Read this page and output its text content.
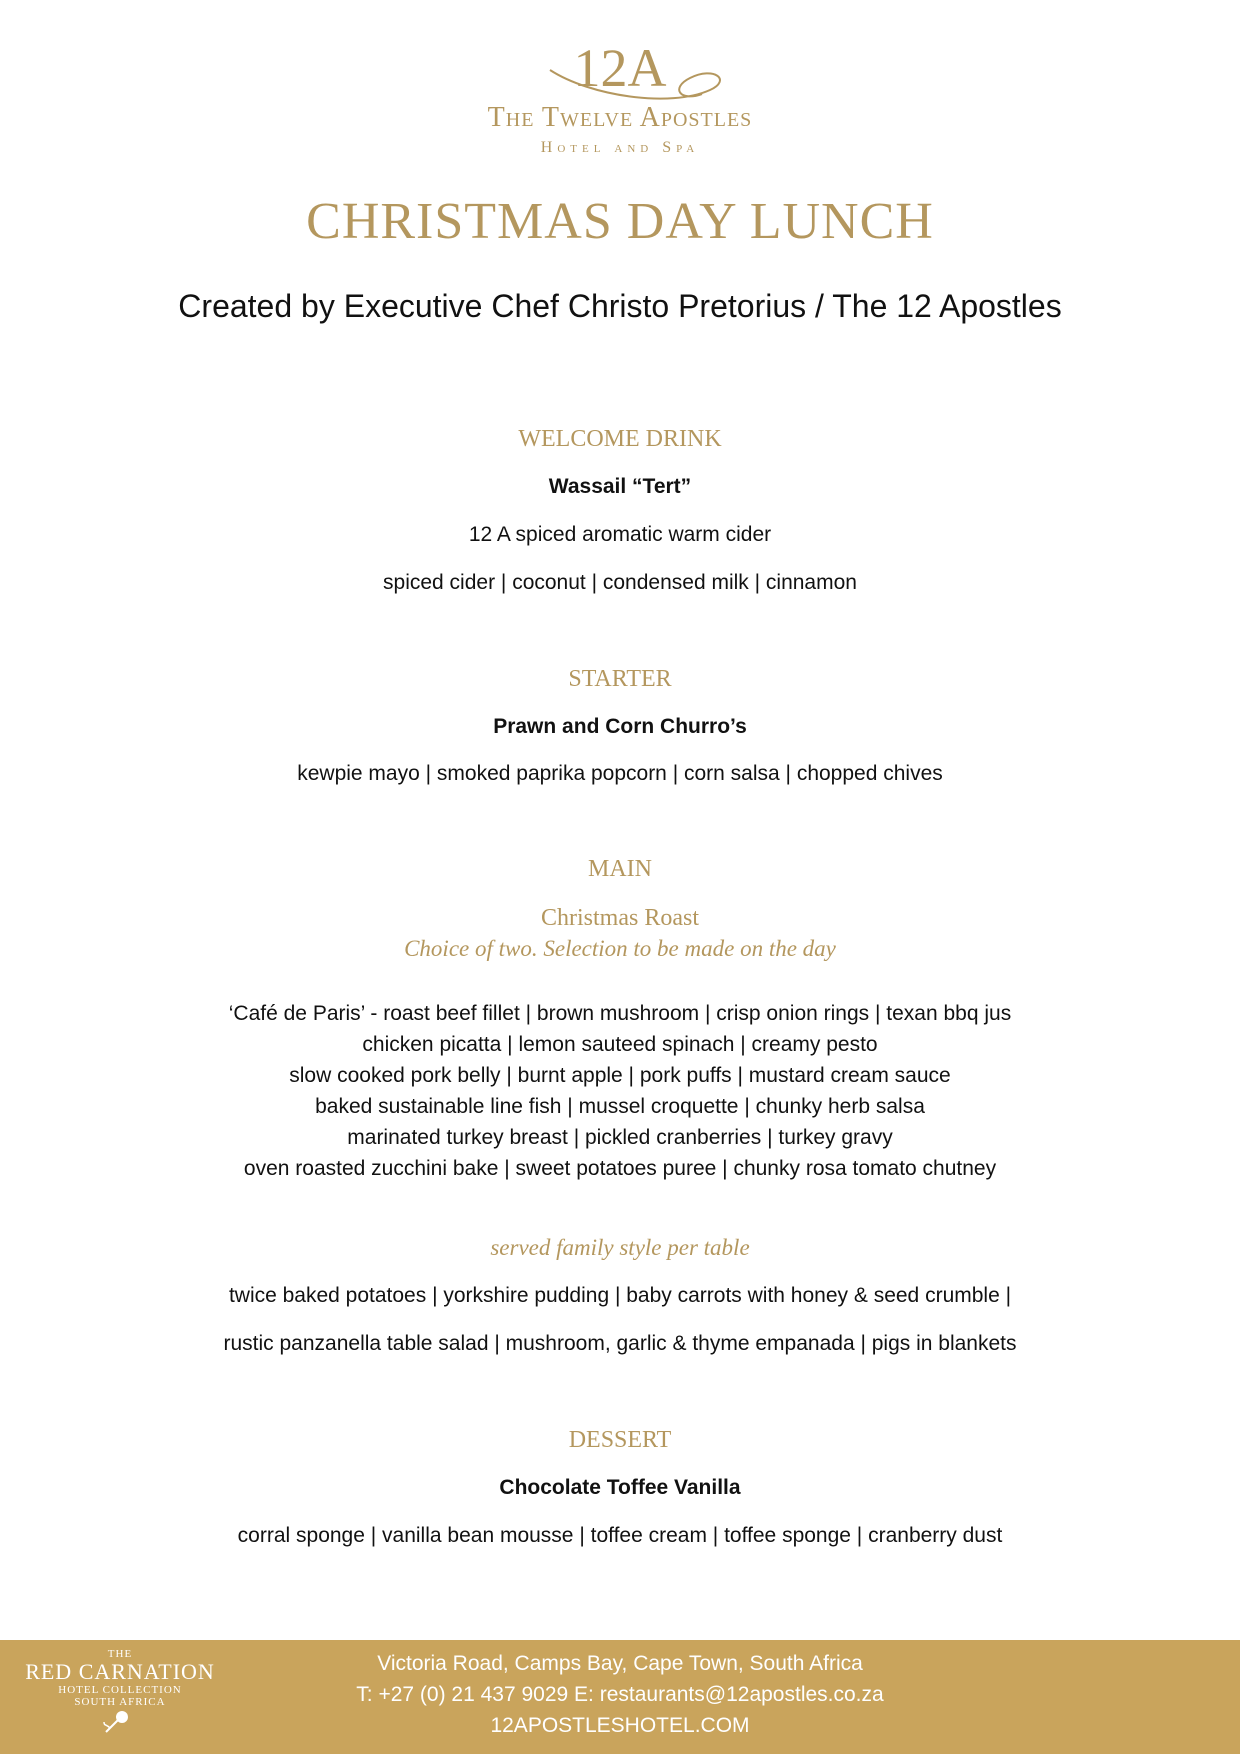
12A
The Twelve Apostles
Hotel and Spa
CHRISTMAS DAY LUNCH
Created by Executive Chef Christo Pretorius / The 12 Apostles
WELCOME DRINK
Wassail “Tert”
12 A spiced aromatic warm cider
spiced cider | coconut | condensed milk | cinnamon
STARTER
Prawn and Corn Churro’s
kewpie mayo | smoked paprika popcorn | corn salsa | chopped chives
MAIN
Christmas Roast
Choice of two. Selection to be made on the day
‘Café de Paris’ - roast beef fillet | brown mushroom | crisp onion rings | texan bbq jus
chicken picatta | lemon sauteed spinach | creamy pesto
slow cooked pork belly | burnt apple | pork puffs | mustard cream sauce
baked sustainable line fish | mussel croquette | chunky herb salsa
marinated turkey breast | pickled cranberries | turkey gravy
oven roasted zucchini bake | sweet potatoes puree | chunky rosa tomato chutney
served family style per table
twice baked potatoes | yorkshire pudding | baby carrots with honey & seed crumble |
rustic panzanella table salad | mushroom, garlic & thyme empanada | pigs in blankets
DESSERT
Chocolate Toffee Vanilla
corral sponge | vanilla bean mousse | toffee cream | toffee sponge | cranberry dust
THE
RED CARNATION
HOTEL COLLECTION
SOUTH AFRICA
Victoria Road, Camps Bay, Cape Town, South Africa
T: +27 (0) 21 437 9029 E: restaurants@12apostles.co.za
12APOSTLESHOTEL.COM
